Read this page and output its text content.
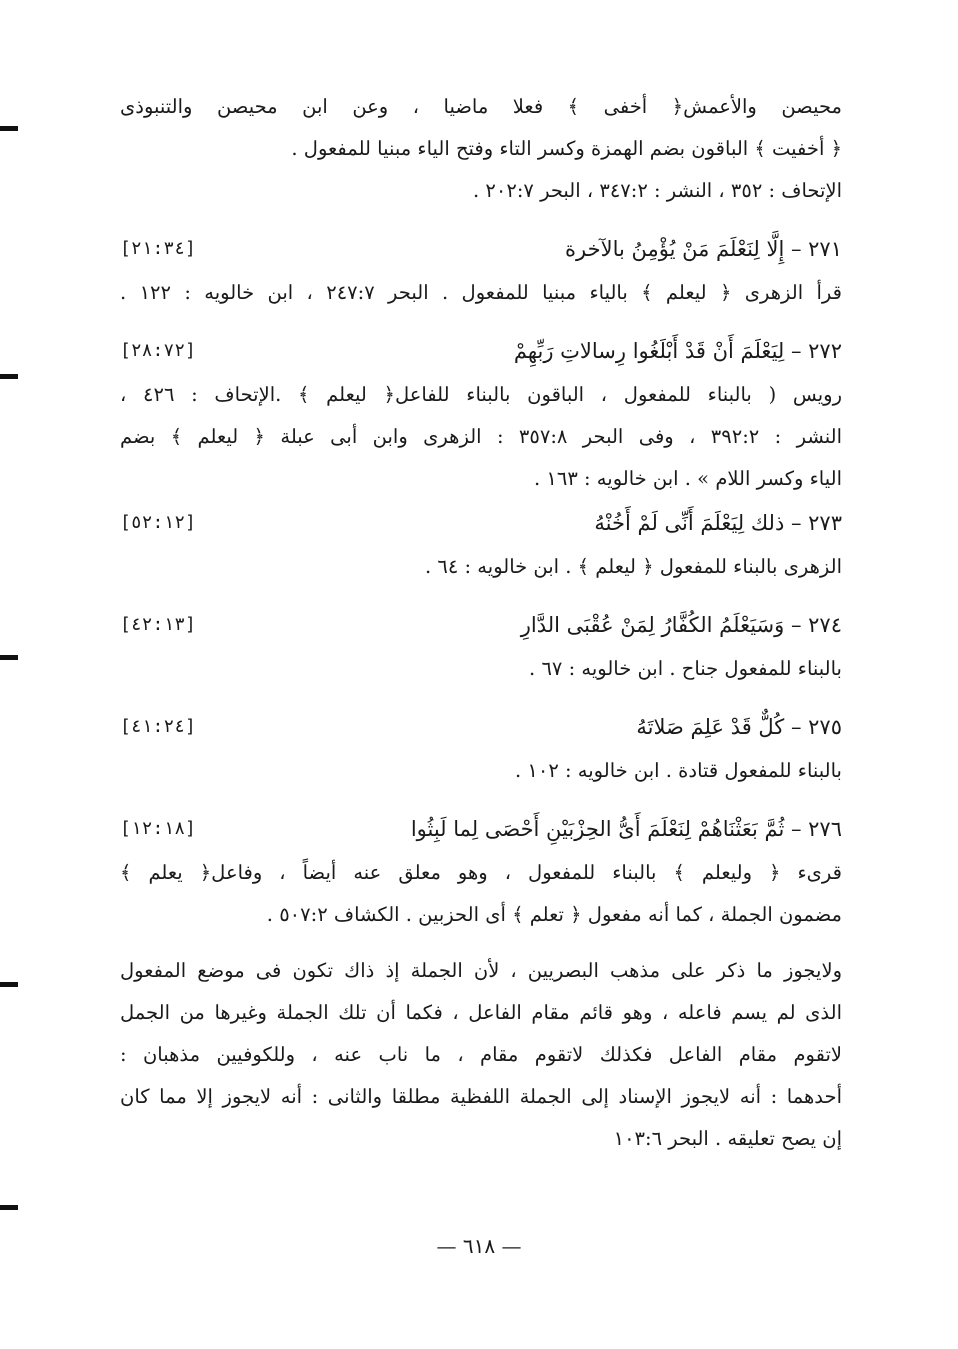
محيصن والأعمش﴿ أخفى ﴾ فعلا ماضيا ، وعن ابن محيصن والتنبوذى
﴿ أخفيت ﴾ الباقون بضم الهمزة وكسر التاء وفتح الياء مبنيا للمفعول .
الإتحاف : ٣٥٢ ، النشر : ٣٤٧:٢ ، البحر ٢٠٢:٧ .
٢٧١ – إِلَّا لِنَعْلَمَ مَنْ يُؤْمِنُ بالآخرة
[٢١:٣٤]
قرأ الزهرى ﴿ ليعلم ﴾ بالياء مبنيا للمفعول . البحر ٢٤٧:٧ ، ابن خالويه : ١٢٢ .
٢٧٢ – لِيَعْلَمَ أَنْ قَدْ أَبْلَغُوا رِسالاتِ رَبِّهِمْ
[٢٨:٧٢]
رويس ( بالبناء للمفعول ، الباقون بالبناء للفاعل﴿ ليعلم ﴾ .الإتحاف : ٤٢٦ ،
النشر : ٣٩٢:٢ ، وفى البحر ٣٥٧:٨ : الزهرى وابن أبى عبلة ﴿ ليعلم ﴾ بضم
الياء وكسر اللام » . ابن خالويه : ١٦٣ .
٢٧٣ – ذلك لِيَعْلَمَ أَنِّى لَمْ أَخُنْهُ
[٥٢:١٢]
الزهرى بالبناء للمفعول ﴿ ليعلم ﴾ . ابن خالويه : ٦٤ .
٢٧٤ – وَسَيَعْلَمُ الكُفَّارُ لِمَنْ عُقْبَى الدَّارِ
[٤٢:١٣]
بالبناء للمفعول جناح . ابن خالويه : ٦٧ .
٢٧٥ – كُلٌّ قَدْ عَلِمَ صَلاتَهُ
[٤١:٢٤]
بالبناء للمفعول قتادة . ابن خالويه : ١٠٢ .
٢٧٦ – ثُمَّ بَعَثْنَاهُمْ لِنَعْلَمَ أَىُّ الحِزْبَيْنِ أَحْصَى لِما لَبِثُوا
[١٢:١٨]
قرىء ﴿ وليعلم ﴾ بالبناء للمفعول ، وهو معلق عنه أيضاً ، وفاعل﴿ يعلم ﴾
مضمون الجملة ، كما أنه مفعول ﴿ تعلم ﴾ أى الحزبين . الكشاف ٥٠٧:٢ .
ولايجوز ما ذكر على مذهب البصريين ، لأن الجملة إذ ذاك تكون فى موضع المفعول
الذى لم يسم فاعله ، وهو قائم مقام الفاعل ، فكما أن تلك الجملة وغيرها من الجمل
لاتقوم مقام الفاعل فكذلك لاتقوم مقام ، ما ناب عنه ، وللكوفيين مذهبان :
أحدهما : أنه لايجوز الإسناد إلى الجملة اللفظية مطلقا والثانى : أنه لايجوز إلا مما كان
إن يصح تعليقه . البحر ١٠٣:٦
— ٦١٨ —
